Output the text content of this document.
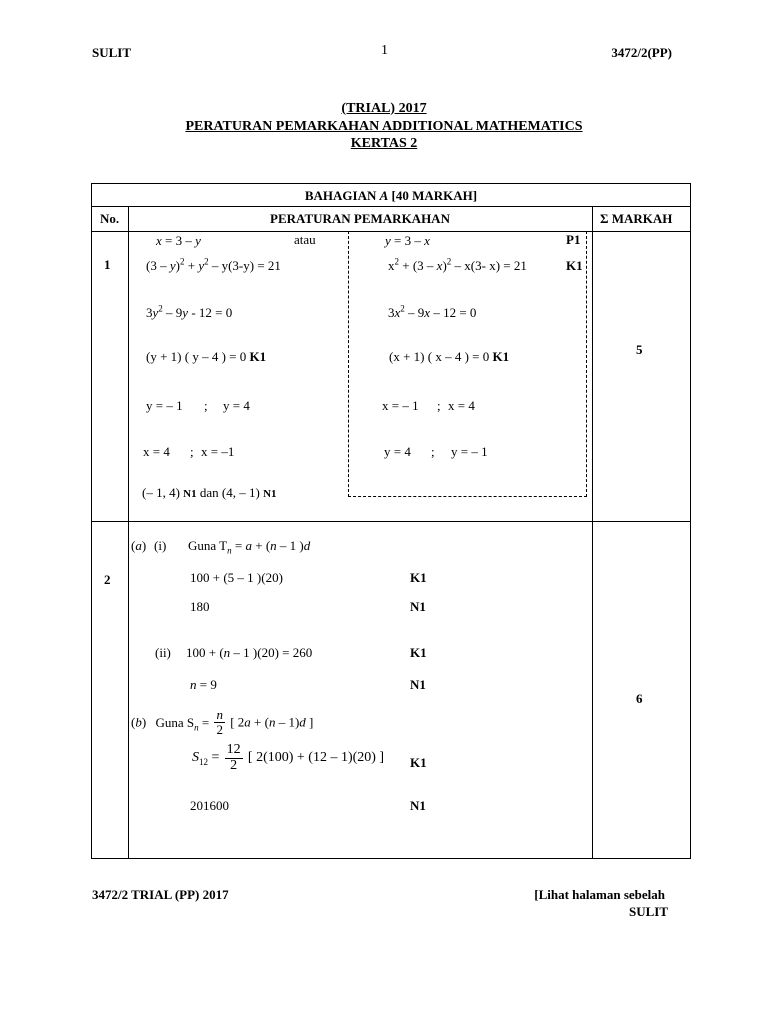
SULIT	1	3472/2(PP)
(TRIAL) 2017
PERATURAN PEMARKAHAN ADDITIONAL MATHEMATICS
KERTAS 2
BAHAGIAN A [40 MARKAH]
No.	PERATURAN PEMARKAHAN	Σ MARKAH
1
5
x = 3 – y	atau	y = 3 – x	P1
$(3 - y)^2 + y^2 - y(3-y) = 21$	$x^2 + (3 - x)^2 - x(3-$ x) = 21	K1
$3y^2 - 9y - 12 = 0$	$3x^2 - 9x - 12 = 0$
(y + 1) ( y – 4 ) = 0 K1	(x + 1) ( x – 4 ) = 0 K1
y = – 1 ; y = 4	x = – 1 ; x = 4
x = 4 ; x = –1	y = 4 ; y = – 1
(– 1, 4) N1 dan (4, – 1) N1
2
6
(a) (i) Guna $T_n = a + (n - 1$ )d
100 + (5 – 1 )(20)	K1
180	N1
(ii) 100 + (n – 1 )(20) = 260	K1
n = 9	N1
(b) Guna $S_n = \frac{n}{2}$ [ 2a + (n – 1)d ]
$S_{12} = \frac{12}{2}$ [ 2(100) + (12 – 1)(20) ] K1
201600	N1
3472/2 TRIAL (PP) 2017	[Lihat halaman sebelah
SULIT
